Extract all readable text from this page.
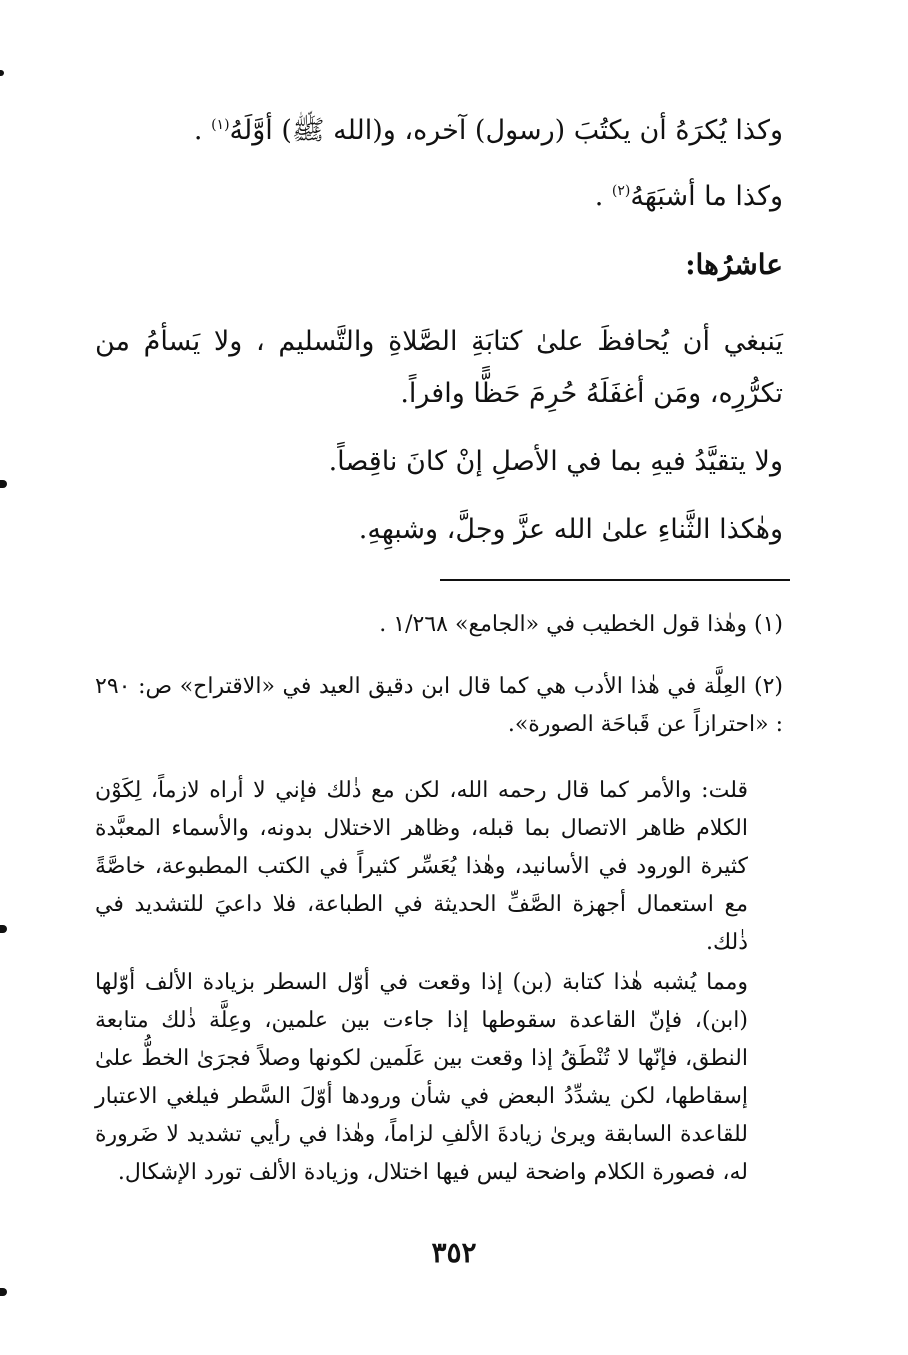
وكذا يُكرَهُ أن يكتُبَ (رسول) آخره، و(الله ﷺ) أوَّلَهُ$^{(١)}$ .

وكذا ما أشبَهَهُ$^{(٢)}$ .

عاشرُها:

يَنبغي أن يُحافظَ علىٰ كتابَةِ الصَّلاةِ والتَّسليم ، ولا يَسأمُ من تكرُّرِه، ومَن أغفَلَهُ حُرِمَ حَظًّا وافراً.

ولا يتقيَّدُ فيهِ بما في الأصلِ إنْ كانَ ناقِصاً.

وهٰكذا الثَّناءِ علىٰ الله عزَّ وجلَّ، وشبهِهِ.

(١) وهٰذا قول الخطيب في «الجامع» ١/٢٦٨ .

(٢) العِلَّة في هٰذا الأدب هي كما قال ابن دقيق العيد في «الاقتراح» ص: ٢٩٠ : «احترازاً عن قَباحَة الصورة».

قلت: والأمر كما قال رحمه الله، لكن مع ذٰلك فإني لا أراه لازماً، لِكَوْن الكلام ظاهر الاتصال بما قبله، وظاهر الاختلال بدونه، والأسماء المعبَّدة كثيرة الورود في الأسانيد، وهٰذا يُعَسِّر كثيراً في الكتب المطبوعة، خاصَّةً مع استعمال أجهزة الصَّفِّ الحديثة في الطباعة، فلا داعيَ للتشديد في ذٰلك.

ومما يُشبه هٰذا كتابة (بن) إذا وقعت في أوّل السطر بزيادة الألف أوّلها (ابن)، فإنّ القاعدة سقوطها إذا جاءت بين علمين، وعِلَّة ذٰلك متابعة النطق، فإنّها لا تُنْطَقُ إذا وقعت بين عَلَمين لكونها وصلاً فجرَىٰ الخطُّ علىٰ إسقاطها، لكن يشدِّدُ البعض في شأن ورودها أوّلَ السَّطر فيلغي الاعتبار للقاعدة السابقة ويرىٰ زيادةَ الألفِ لزاماً، وهٰذا في رأيي تشديد لا ضَرورة له، فصورة الكلام واضحة ليس فيها اختلال، وزيادة الألف تورد الإشكال.

٣٥٢
